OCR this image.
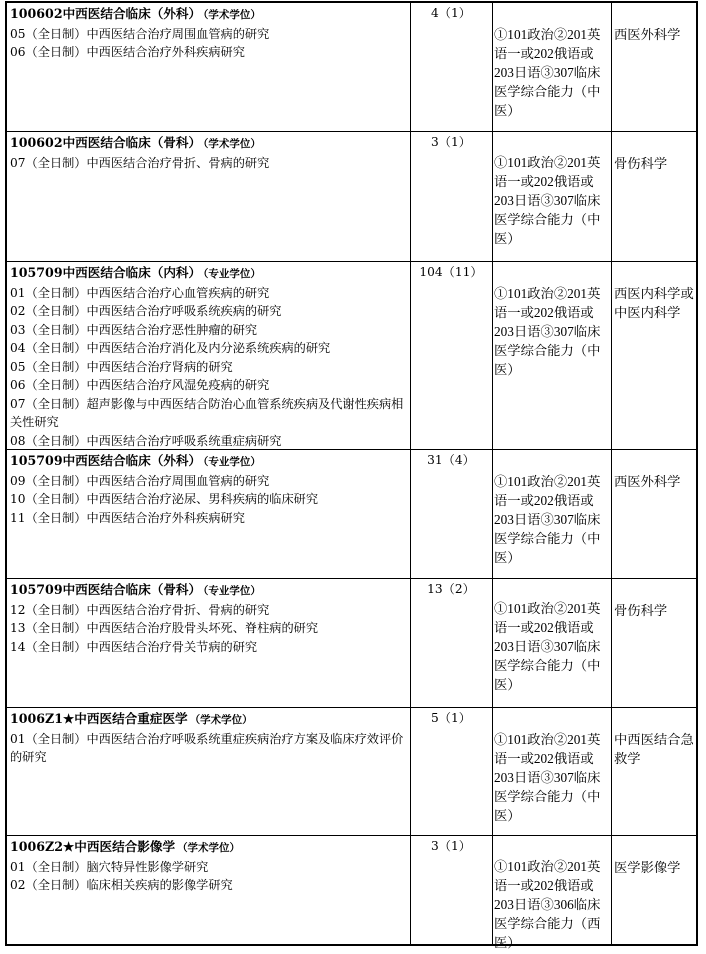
100602中西医结合临床（外科） （学术学位）
05（全日制）中西医结合治疗周围血管病的研究
06（全日制）中西医结合治疗外科疾病研究
4（1）
①101政治②201英语一或202俄语或203日语③307临床医学综合能力（中医）
西医外科学
100602中西医结合临床（骨科） （学术学位）
07（全日制）中西医结合治疗骨折、骨病的研究
3（1）
①101政治②201英语一或202俄语或203日语③307临床医学综合能力（中医）
骨伤科学
105709中西医结合临床（内科） （专业学位）
01（全日制）中西医结合治疗心血管疾病的研究
02（全日制）中西医结合治疗呼吸系统疾病的研究
03（全日制）中西医结合治疗恶性肿瘤的研究
04（全日制）中西医结合治疗消化及内分泌系统疾病的研究
05（全日制）中西医结合治疗肾病的研究
06（全日制）中西医结合治疗风湿免疫病的研究
07（全日制）超声影像与中西医结合防治心血管系统疾病及代谢性疾病相关性研究
08（全日制）中西医结合治疗呼吸系统重症病研究
104（11）
①101政治②201英语一或202俄语或203日语③307临床医学综合能力（中医）
西医内科学或中医内科学
105709中西医结合临床（外科） （专业学位）
09（全日制）中西医结合治疗周围血管病的研究
10（全日制）中西医结合治疗泌尿、男科疾病的临床研究
11（全日制）中西医结合治疗外科疾病研究
31（4）
①101政治②201英语一或202俄语或203日语③307临床医学综合能力（中医）
西医外科学
105709中西医结合临床（骨科） （专业学位）
12（全日制）中西医结合治疗骨折、骨病的研究
13（全日制）中西医结合治疗股骨头坏死、脊柱病的研究
14（全日制）中西医结合治疗骨关节病的研究
13（2）
①101政治②201英语一或202俄语或203日语③307临床医学综合能力（中医）
骨伤科学
1006Z1★中西医结合重症医学 （学术学位）
01（全日制）中西医结合治疗呼吸系统重症疾病治疗方案及临床疗效评价的研究
5（1）
①101政治②201英语一或202俄语或203日语③307临床医学综合能力（中医）
中西医结合急救学
1006Z2★中西医结合影像学 （学术学位）
01（全日制）脑穴特异性影像学研究
02（全日制）临床相关疾病的影像学研究
3（1）
①101政治②201英语一或202俄语或203日语③306临床医学综合能力（西医）
医学影像学
